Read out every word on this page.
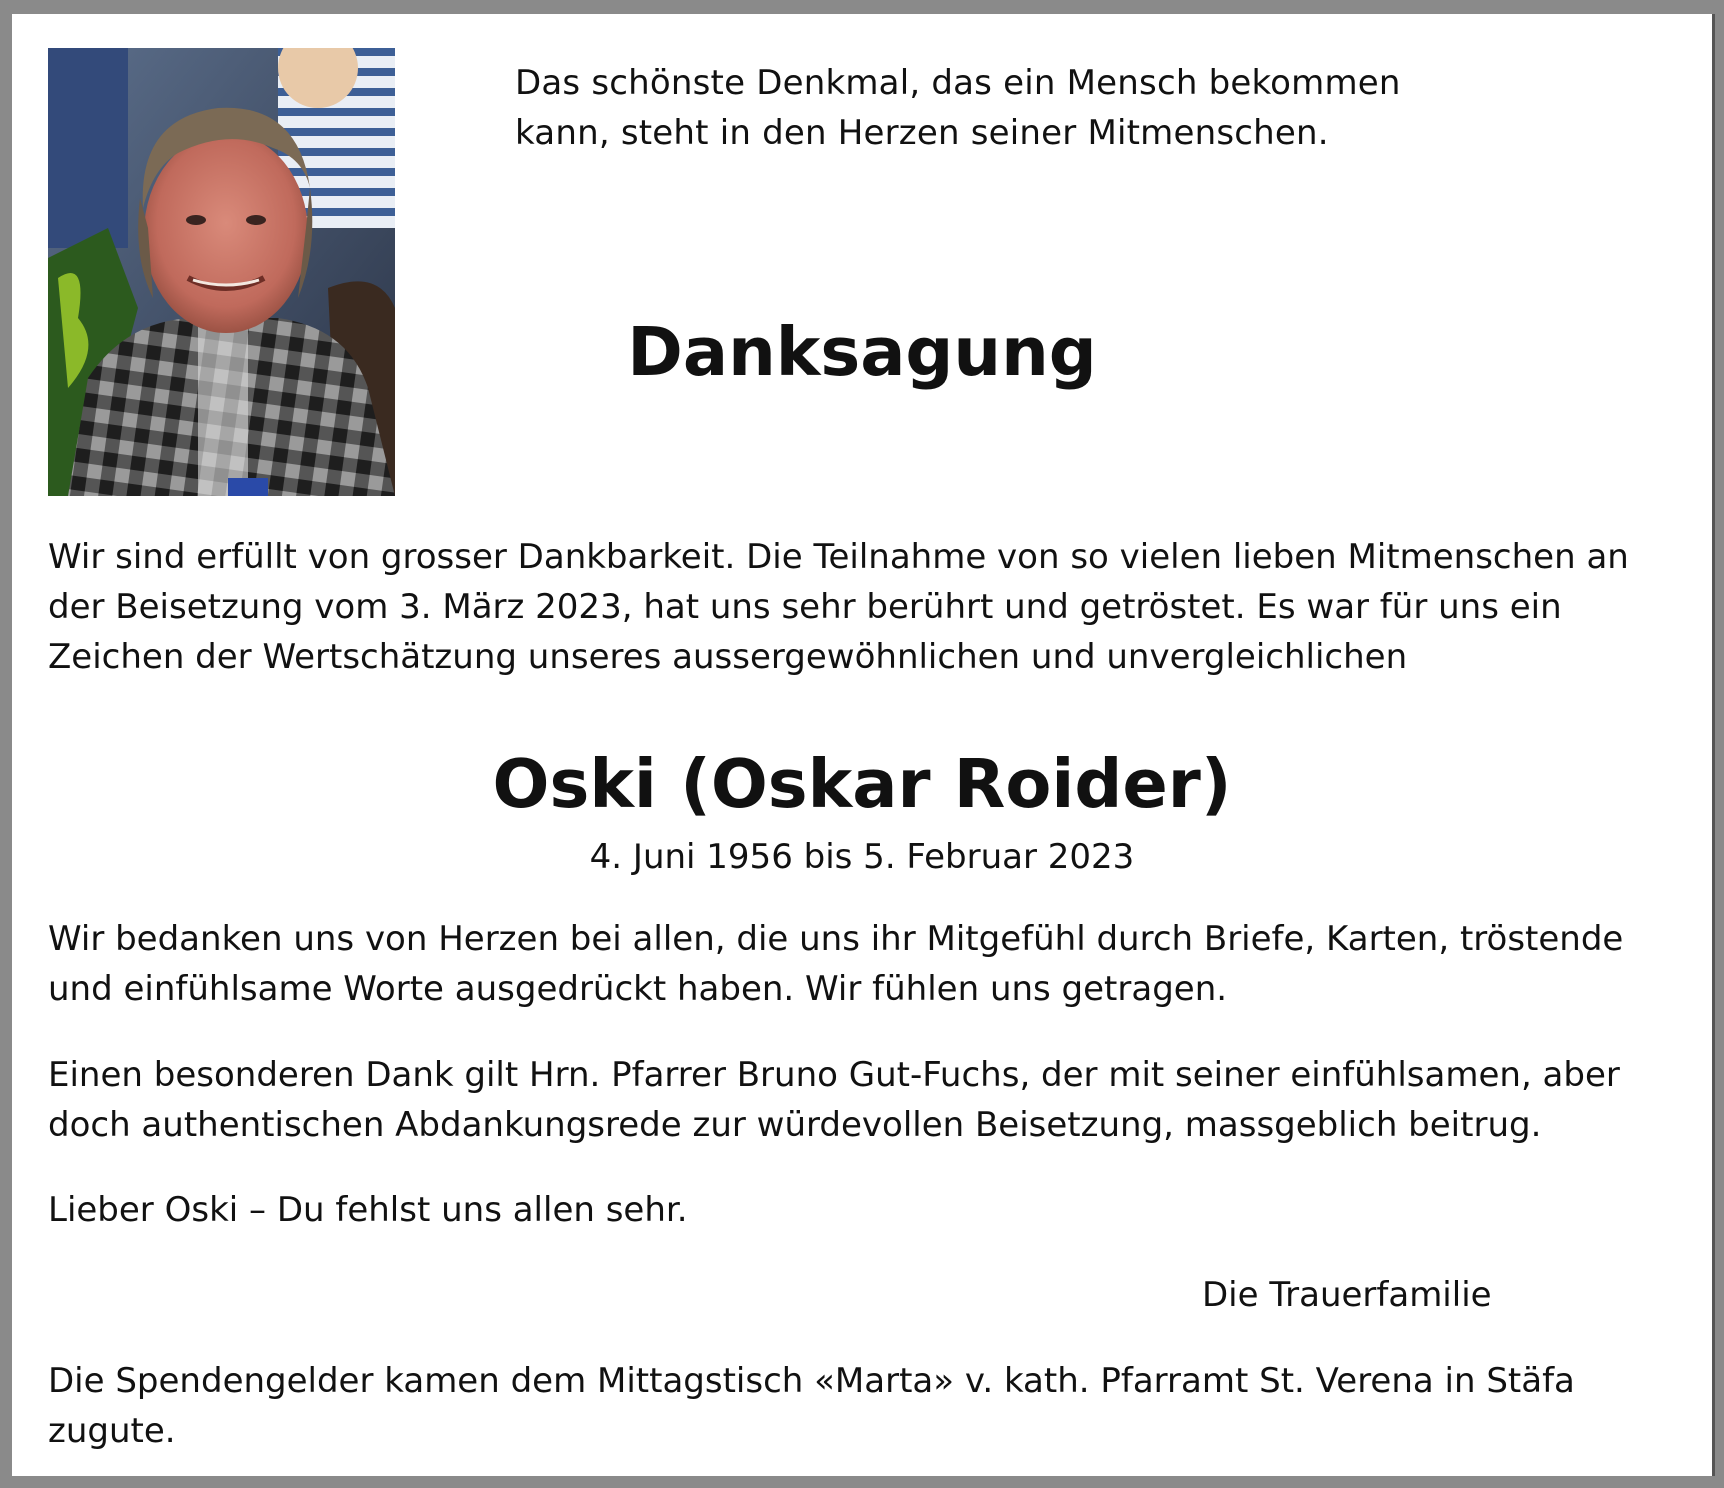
Das schönste Denkmal, das ein Mensch bekommen
kann, steht in den Herzen seiner Mitmenschen.
Danksagung
Wir sind erfüllt von grosser Dankbarkeit. Die Teilnahme von so vielen lieben Mitmenschen an der Beisetzung vom 3. März 2023, hat uns sehr berührt und getröstet. Es war für uns ein Zeichen der Wertschätzung unseres aussergewöhnlichen und unvergleichlichen
Oski (Oskar Roider)
4. Juni 1956 bis 5. Februar 2023
Wir bedanken uns von Herzen bei allen, die uns ihr Mitgefühl durch Briefe, Karten, tröstende und einfühlsame Worte ausgedrückt haben. Wir fühlen uns getragen.
Einen besonderen Dank gilt Hrn. Pfarrer Bruno Gut-Fuchs, der mit seiner einfühlsamen, aber doch authentischen Abdankungsrede zur würdevollen Beisetzung, massgeblich beitrug.
Lieber Oski – Du fehlst uns allen sehr.
Die Trauerfamilie
Die Spendengelder kamen dem Mittagstisch «Marta» v. kath. Pfarramt St. Verena in Stäfa zugute.
